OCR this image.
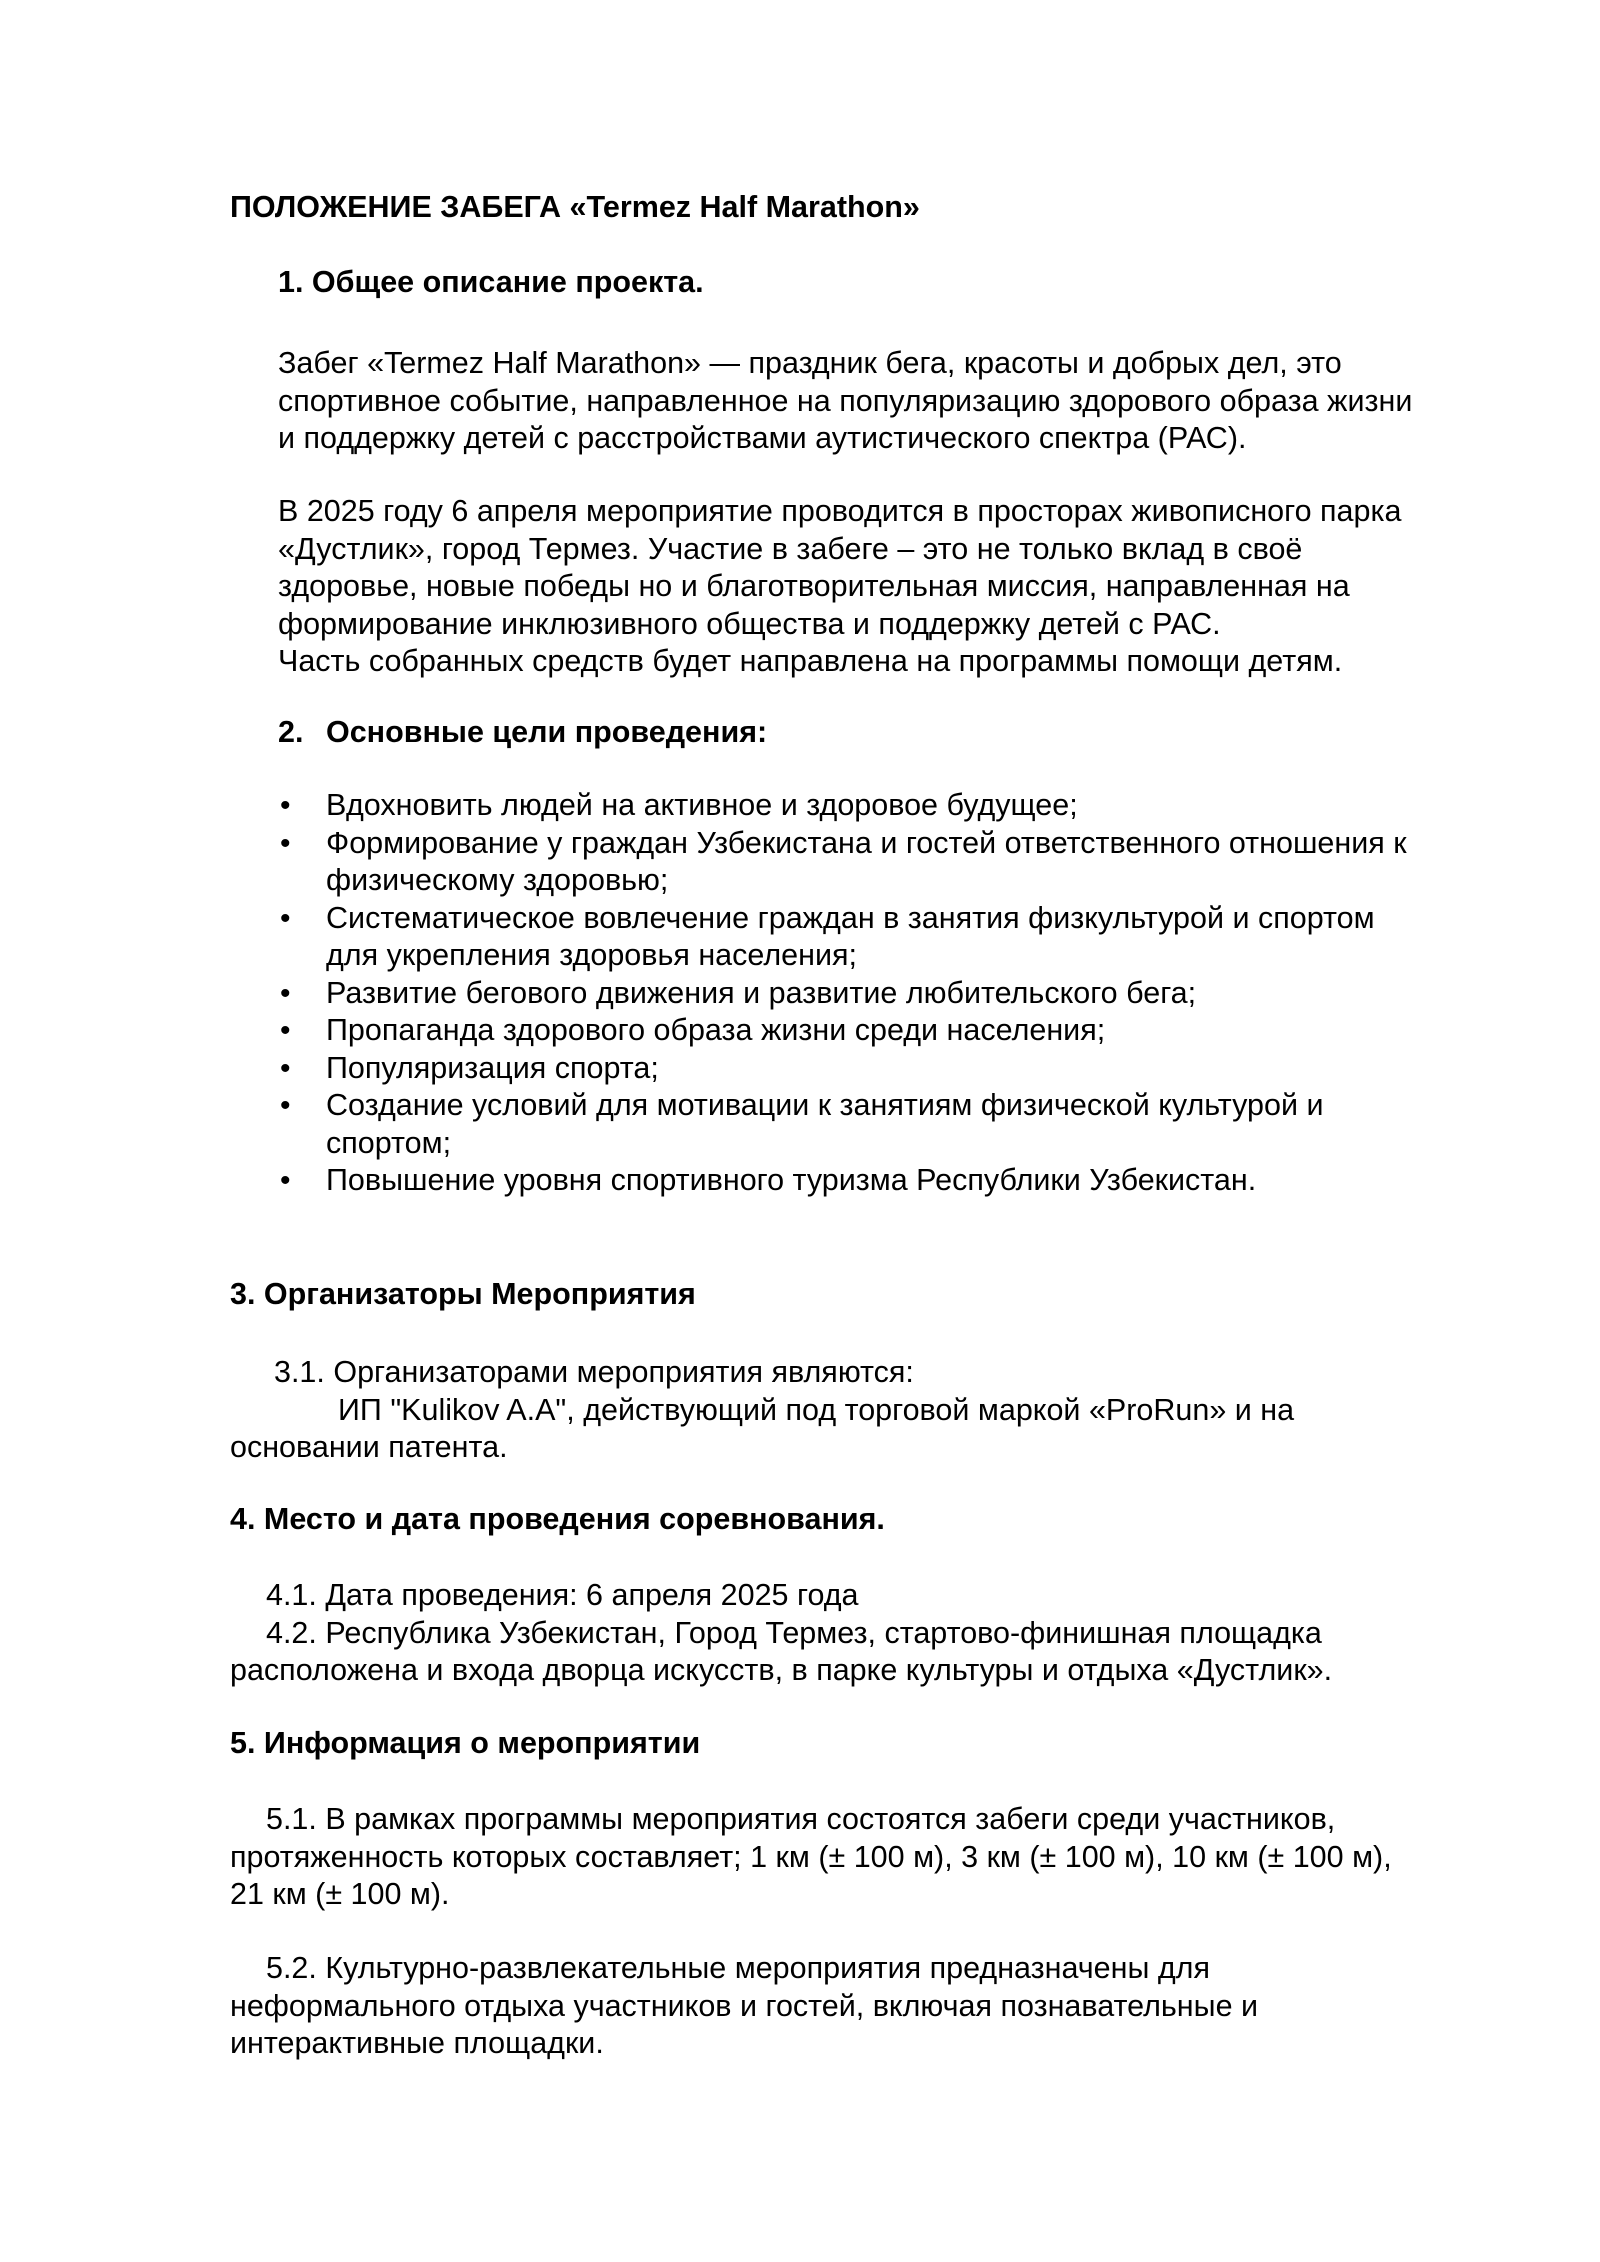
ПОЛОЖЕНИЕ ЗАБЕГА «Termez Half Marathon»
1. Общее описание проекта.
Забег «Termez Half Marathon» — праздник бега, красоты и добрых дел, это
спортивное событие, направленное на популяризацию здорового образа жизни
и поддержку детей с расстройствами аутистического спектра (РАС).
В 2025 году 6 апреля мероприятие проводится в просторах живописного парка
«Дустлик», город Термез. Участие в забеге – это не только вклад в своё
здоровье, новые победы но и благотворительная миссия, направленная на
формирование инклюзивного общества и поддержку детей с РАС.
Часть собранных средств будет направлена на программы помощи детям.
2. Основные цели проведения:
• Вдохновить людей на активное и здоровое будущее;
• Формирование у граждан Узбекистана и гостей ответственного отношения к
физическому здоровью;
• Систематическое вовлечение граждан в занятия физкультурой и спортом
для укрепления здоровья населения;
• Развитие бегового движения и развитие любительского бега;
• Пропаганда здорового образа жизни среди населения;
• Популяризация спорта;
• Создание условий для мотивации к занятиям физической культурой и
спортом;
• Повышение уровня спортивного туризма Республики Узбекистан.
3. Организаторы Мероприятия
3.1. Организаторами мероприятия являются:
ИП "Kulikov A.A", действующий под торговой маркой «ProRun» и на
основании патента.
4. Место и дата проведения соревнования.
4.1. Дата проведения: 6 апреля 2025 года
4.2. Республика Узбекистан, Город Термез, стартово-финишная площадка
расположена и входа дворца искусств, в парке культуры и отдыха «Дустлик».
5. Информация о мероприятии
5.1. В рамках программы мероприятия состоятся забеги среди участников,
протяженность которых составляет; 1 км (± 100 м), 3 км (± 100 м), 10 км (± 100 м),
21 км (± 100 м).
5.2. Культурно-развлекательные мероприятия предназначены для
неформального отдыха участников и гостей, включая познавательные и
интерактивные площадки.
